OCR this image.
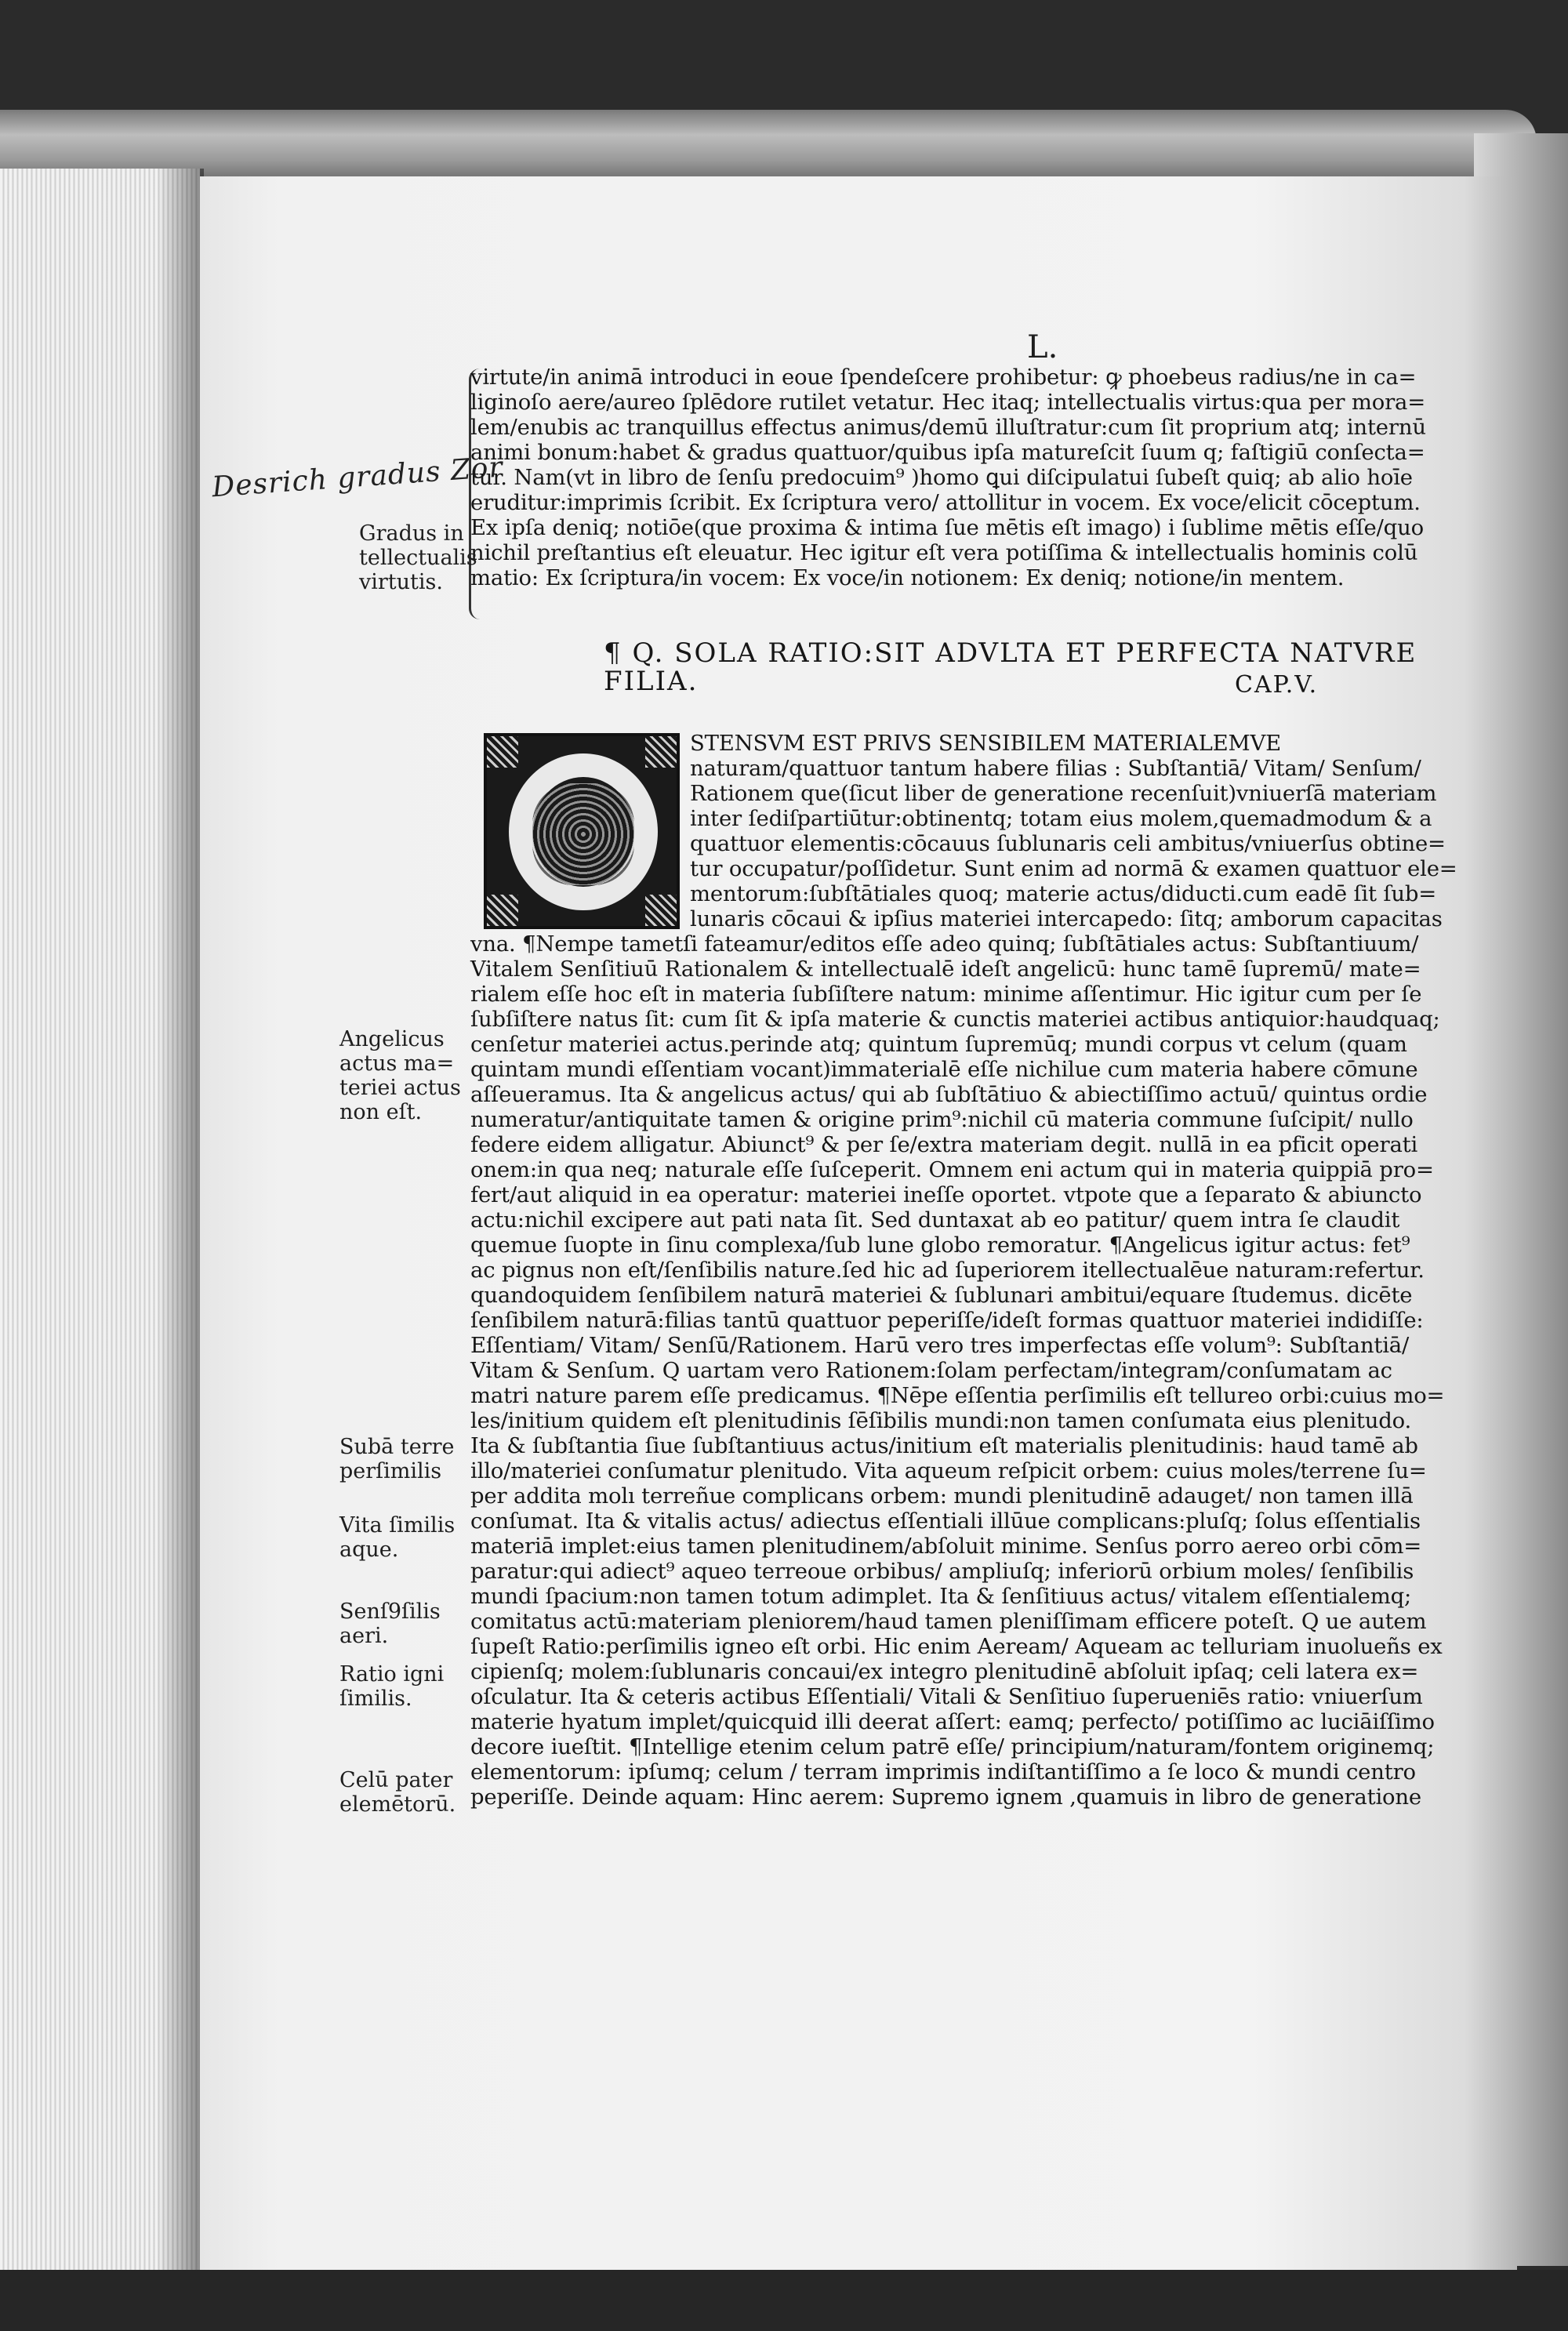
L.
Desrich gradus Zor
virtute/in animā introduci in eoue ſpendeſcere prohibetur: ꝙ phoebeus radius/ne in ca=
liginoſo aere/aureo ſplēdore rutilet vetatur. Hec itaq; intellectualis virtus:qua per mora=
lem/enubis ac tranquillus effectus animus/demū illuſtratur:cum ſit proprium atq; internū
animi bonum:habet & gradus quattuor/quibus ipſa matureſcit ſuum q; faſtigiū conſecta=
tur. Nam(vt in libro de ſenſu predocuim⁹ )homo ꝗui diſcipulatui ſubeſt quiq; ab alio hoīe
eruditur:imprimis ſcribit. Ex ſcriptura vero/ attollitur in vocem. Ex voce/elicit cōceptum.
Ex ipſa deniq; notiōe(que proxima & intima ſue mētis eſt imago) i ſublime mētis eſſe/quo
nichil preſtantius eſt eleuatur. Hec igitur eſt vera potiſſima & intellectualis hominis colū
matio: Ex ſcriptura/in vocem: Ex voce/in notionem: Ex deniq; notione/in mentem.
Gradus in
tellectualis
virtutis.
Angelicus
actus ma=
teriei actus
non eſt.
Subā terre
perſimilis
Vita ſimilis
aque.
Senſ9ſilis
aeri.
Ratio igni
ſimilis.
Celū pater
elemētorū.
¶ Q. SOLA RATIO:SIT ADVLTA ET PERFECTA NATVRE
FILIA.	CAP.V.
STENSVM EST PRIVS SENSIBILEM MATERIALEMVE
naturam/quattuor tantum habere filias : Subſtantiā/ Vitam/ Senſum/
Rationem que(ſicut liber de generatione recenſuit)vniuerſā materiam
inter ſediſpartiūtur:obtinentq; totam eius molem,quemadmodum & a
quattuor elementis:cōcauus ſublunaris celi ambitus/vniuerſus obtine=
tur occupatur/poſſidetur. Sunt enim ad normā & examen quattuor ele=
mentorum:ſubſtātiales quoq; materie actus/diducti.cum eadē ſit ſub=
lunaris cōcaui & ipſius materiei intercapedo: ſitq; amborum capacitas
vna. ¶Nempe tametſi fateamur/editos eſſe adeo quinq; ſubſtātiales actus: Subſtantiuum/
Vitalem Senſitiuū Rationalem & intellectualē ideſt angelicū: hunc tamē ſupremū/ mate=
rialem eſſe hoc eſt in materia ſubſiſtere natum: minime aſſentimur. Hic igitur cum per ſe
ſubſiſtere natus ſit: cum ſit & ipſa materie & cunctis materiei actibus antiquior:haudquaq;
cenſetur materiei actus.perinde atq; quintum ſupremūq; mundi corpus vt celum (quam
quintam mundi eſſentiam vocant)immaterialē eſſe nichilue cum materia habere cōmune
aſſeueramus. Ita & angelicus actus/ qui ab ſubſtātiuo & abiectiſſimo actuū/ quintus ordie
numeratur/antiquitate tamen & origine prim⁹:nichil cū materia commune ſuſcipit/ nullo
federe eidem alligatur. Abiunct⁹ & per ſe/extra materiam degit. nullā in ea pficit operati
onem:in qua neq; naturale eſſe ſuſceperit. Omnem eni actum qui in materia quippiā pro=
fert/aut aliquid in ea operatur: materiei ineſſe oportet. vtpote que a ſeparato & abiuncto
actu:nichil excipere aut pati nata ſit. Sed duntaxat ab eo patitur/ quem intra ſe claudit
quemue ſuopte in ſinu complexa/ſub lune globo remoratur. ¶Angelicus igitur actus: fet⁹
ac pignus non eſt/ſenſibilis nature.ſed hic ad ſuperiorem itellectualēue naturam:refertur.
quandoquidem ſenſibilem naturā materiei & ſublunari ambitui/equare ſtudemus. dicēte
ſenſibilem naturā:filias tantū quattuor peperiſſe/ideſt formas quattuor materiei indidiſſe:
Eſſentiam/ Vitam/ Senſū/Rationem. Harū vero tres imperfectas eſſe volum⁹: Subſtantiā/
Vitam & Senſum. Q uartam vero Rationem:ſolam perfectam/integram/conſumatam ac
matri nature parem eſſe predicamus. ¶Nēpe eſſentia perſimilis eſt tellureo orbi:cuius mo=
les/initium quidem eſt plenitudinis ſēſibilis mundi:non tamen conſumata eius plenitudo.
Ita & ſubſtantia ſiue ſubſtantiuus actus/initium eſt materialis plenitudinis: haud tamē ab
illo/materiei conſumatur plenitudo. Vita aqueum reſpicit orbem: cuius moles/terrene ſu=
per addita molı terreñue complicans orbem: mundi plenitudinē adauget/ non tamen illā
conſumat. Ita & vitalis actus/ adiectus eſſentiali illūue complicans:pluſq; ſolus eſſentialis
materiā implet:eius tamen plenitudinem/abſoluit minime. Senſus porro aereo orbi cōm=
paratur:qui adiect⁹ aqueo terreoue orbibus/ ampliuſq; inferiorū orbium moles/ ſenſibilis
mundi ſpacium:non tamen totum adimplet. Ita & ſenſitiuus actus/ vitalem eſſentialemq;
comitatus actū:materiam pleniorem/haud tamen pleniſſimam efficere poteſt. Q ue autem
ſupeſt Ratio:perſimilis igneo eſt orbi. Hic enim Aeream/ Aqueam ac telluriam inuolueñs ex
cipienſq; molem:ſublunaris concaui/ex integro plenitudinē abſoluit ipſaq; celi latera ex=
oſculatur. Ita & ceteris actibus Eſſentiali/ Vitali & Senſitiuo ſuperueniēs ratio: vniuerſum
materie hyatum implet/quicquid illi deerat aſſert: eamq; perfecto/ potiſſimo ac luciāiſſimo
decore iueſtit. ¶Intellige etenim celum patrē eſſe/ principium/naturam/fontem originemq;
elementorum: ipſumq; celum / terram imprimis indiſtantiſſimo a ſe loco & mundi centro
peperiſſe. Deinde aquam: Hinc aerem: Supremo ignem ,quamuis in libro de generatione
